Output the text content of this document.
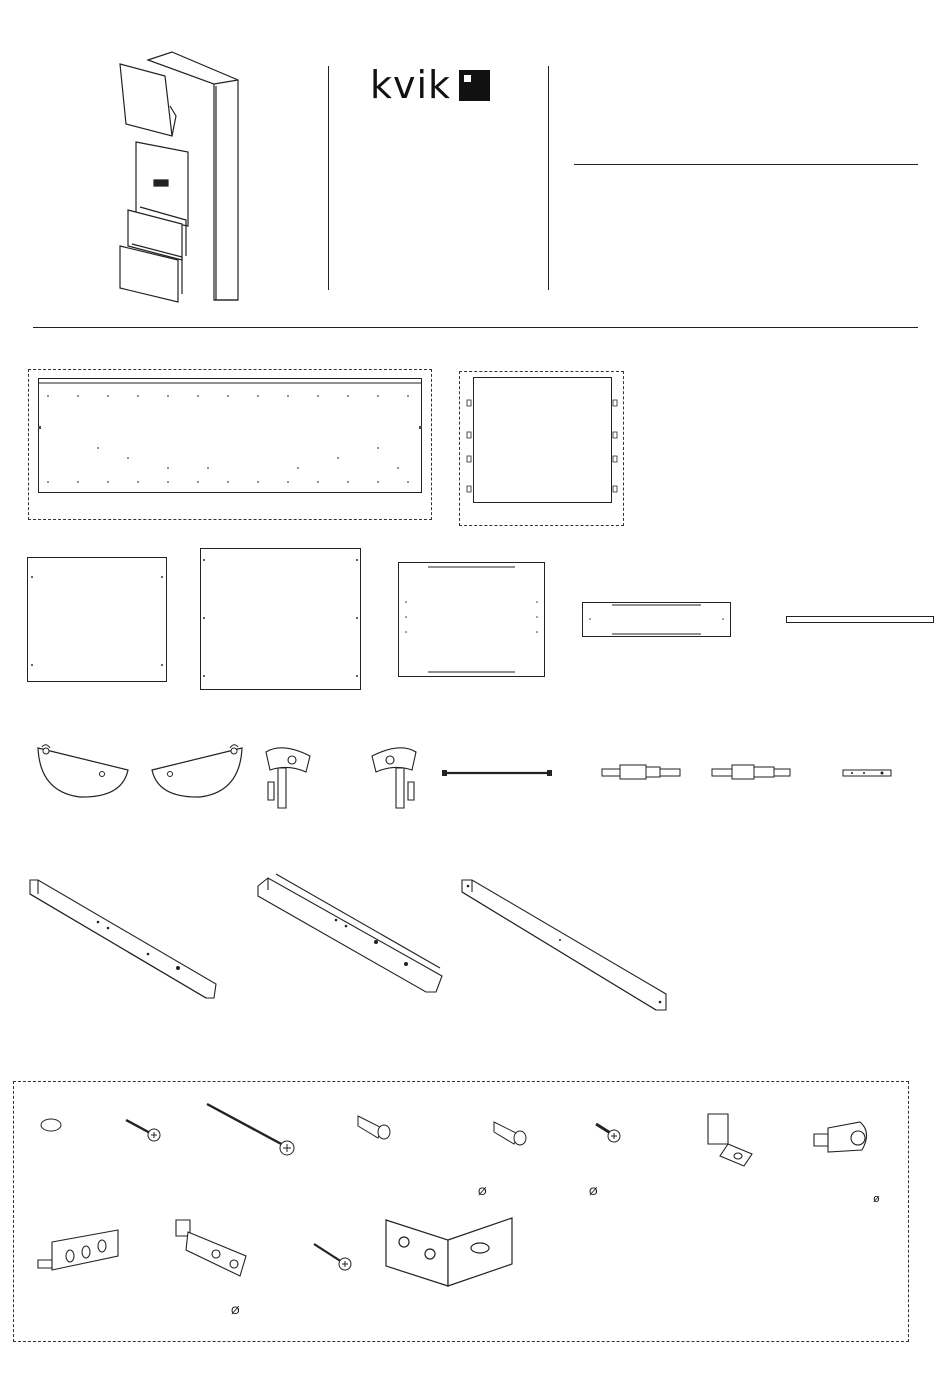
kvik
Ø	Ø
ø
Ø
